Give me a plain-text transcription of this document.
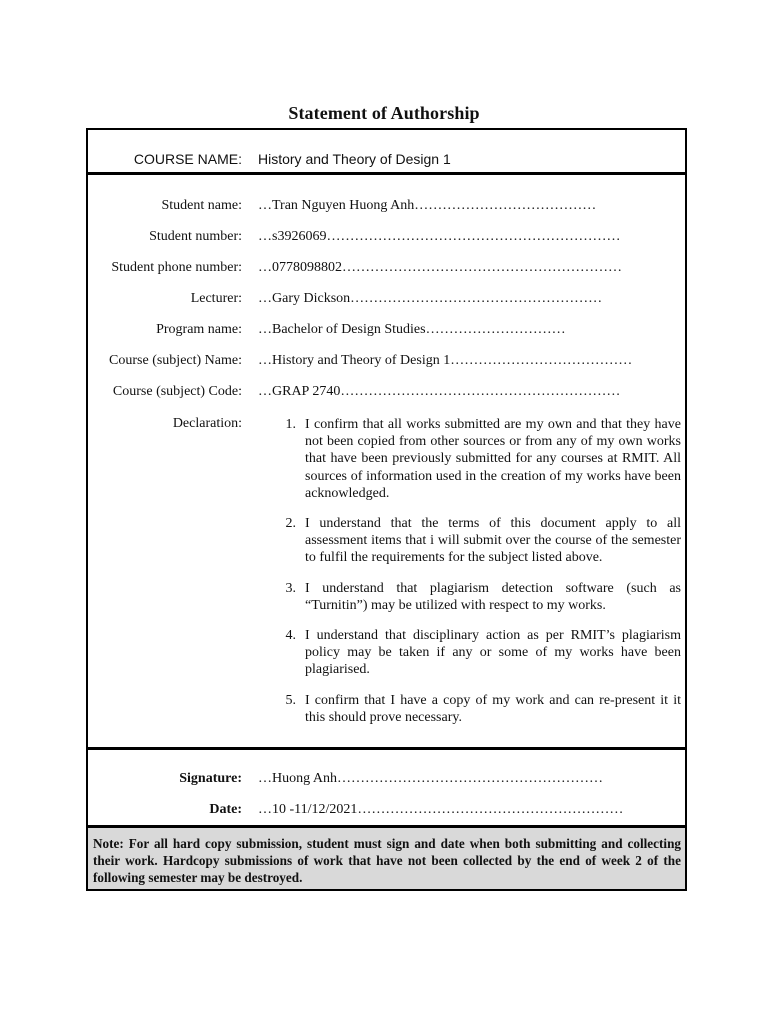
Statement of Authorship
COURSE NAME: History and Theory of Design 1
Student name: …Tran Nguyen Huong Anh…………………………………
Student number: …s3926069………………………………………………………
Student phone number: …0778098802……………………………………………………
Lecturer: …Gary Dickson………………………………………………
Program name: …Bachelor of Design Studies…………………………
Course (subject) Name: …History and Theory of Design 1…………………………………
Course (subject) Code: …GRAP 2740……………………………………………………
Declaration:	1. I confirm that all works submitted are my own and that they have not been copied from other sources or from any of my own works that have been previously submitted for any courses at RMIT. All sources of information used in the creation of my works have been acknowledged.
2. I understand that the terms of this document apply to all assessment items that i will submit over the course of the semester to fulfil the requirements for the subject listed above.
3. I understand that plagiarism detection software (such as “Turnitin”) may be utilized with respect to my works.
4. I understand that disciplinary action as per RMIT’s plagiarism policy may be taken if any or some of my works have been plagiarised.
5. I confirm that I have a copy of my work and can re-present it it this should prove necessary.
Signature: …Huong Anh…………………………………………………
Date: …10 -11/12/2021…………………………………………………
Note: For all hard copy submission, student must sign and date when both submitting and collecting their work. Hardcopy submissions of work that have not been collected by the end of week 2 of the following semester may be destroyed.
